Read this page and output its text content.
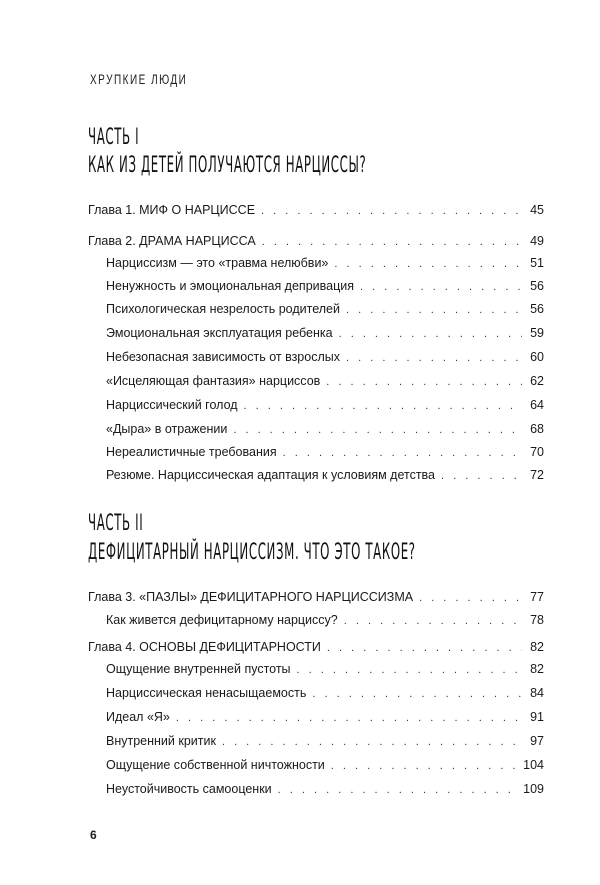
ХРУПКИЕ ЛЮДИ
ЧАСТЬ I
КАК ИЗ ДЕТЕЙ ПОЛУЧАЮТСЯ НАРЦИССЫ?
Глава 1. МИФ О НАРЦИССЕ . . .	45
Глава 2. ДРАМА НАРЦИССА . . .	49
Нарциссизм — это «травма нелюбви» . . .	51
Ненужность и эмоциональная депривация . . .	56
Психологическая незрелость родителей . . .	56
Эмоциональная эксплуатация ребенка . . .	59
Небезопасная зависимость от взрослых . . .	60
«Исцеляющая фантазия» нарциссов . . .	62
Нарциссический голод . . .	64
«Дыра» в отражении . . .	68
Нереалистичные требования . . .	70
Резюме. Нарциссическая адаптация к условиям детства . . .	72
ЧАСТЬ II
ДЕФИЦИТАРНЫЙ НАРЦИССИЗМ. ЧТО ЭТО ТАКОЕ?
Глава 3. «ПАЗЛЫ» ДЕФИЦИТАРНОГО НАРЦИССИЗМА . . .	77
Как живется дефицитарному нарциссу? . . .	78
Глава 4. ОСНОВЫ ДЕФИЦИТАРНОСТИ . . .	82
Ощущение внутренней пустоты . . .	82
Нарциссическая ненасыщаемость . . .	84
Идеал «Я» . . .	91
Внутренний критик . . .	97
Ощущение собственной ничтожности . . .	104
Неустойчивость самооценки . . .	109
6
